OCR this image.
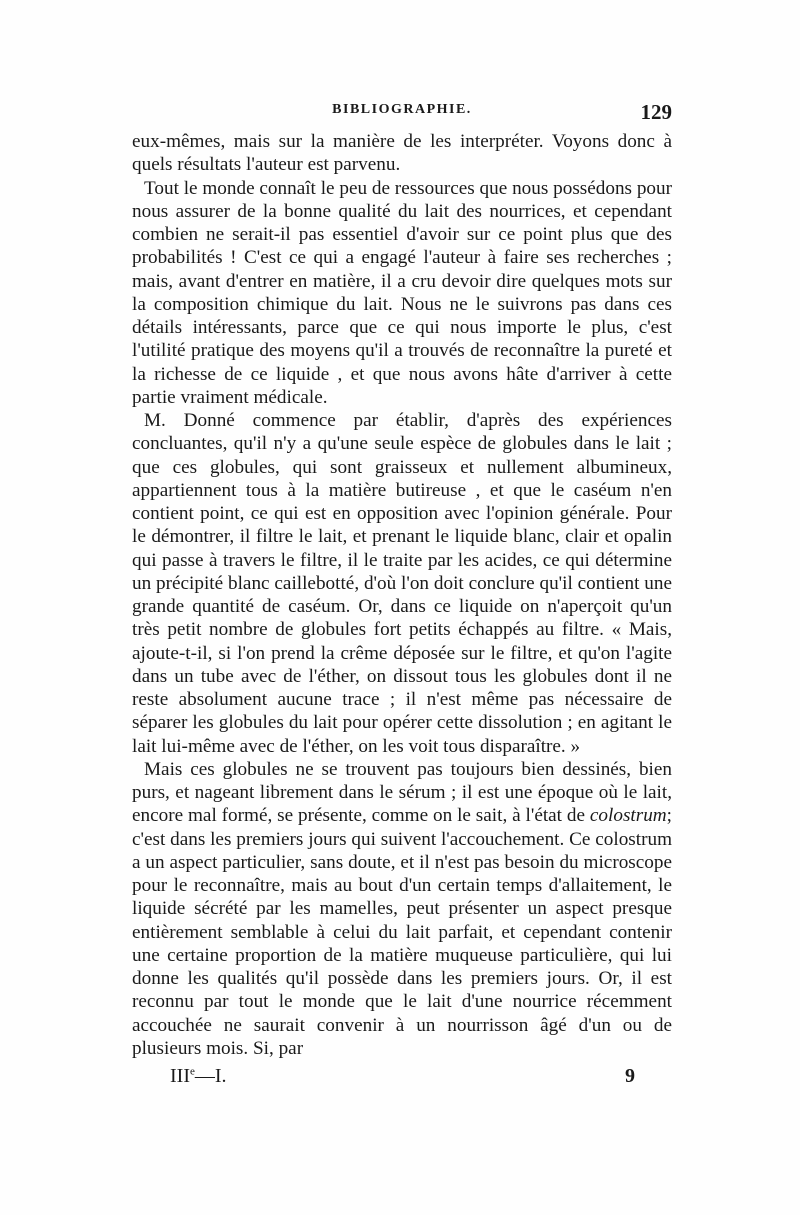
BIBLIOGRAPHIE.	129

eux-mêmes, mais sur la manière de les interpréter. Voyons donc à quels résultats l'auteur est parvenu.

Tout le monde connaît le peu de ressources que nous possédons pour nous assurer de la bonne qualité du lait des nourrices, et cependant combien ne serait-il pas essentiel d'avoir sur ce point plus que des probabilités ! C'est ce qui a engagé l'auteur à faire ses recherches ; mais, avant d'entrer en matière, il a cru devoir dire quelques mots sur la composition chimique du lait. Nous ne le suivrons pas dans ces détails intéressants, parce que ce qui nous importe le plus, c'est l'utilité pratique des moyens qu'il a trouvés de reconnaître la pureté et la richesse de ce liquide , et que nous avons hâte d'arriver à cette partie vraiment médicale.

M. Donné commence par établir, d'après des expériences concluantes, qu'il n'y a qu'une seule espèce de globules dans le lait ; que ces globules, qui sont graisseux et nullement albumineux, appartiennent tous à la matière butireuse , et que le caséum n'en contient point, ce qui est en opposition avec l'opinion générale. Pour le démontrer, il filtre le lait, et prenant le liquide blanc, clair et opalin qui passe à travers le filtre, il le traite par les acides, ce qui détermine un précipité blanc caillebotté, d'où l'on doit conclure qu'il contient une grande quantité de caséum. Or, dans ce liquide on n'aperçoit qu'un très petit nombre de globules fort petits échappés au filtre. « Mais, ajoute-t-il, si l'on prend la crême déposée sur le filtre, et qu'on l'agite dans un tube avec de l'éther, on dissout tous les globules dont il ne reste absolument aucune trace ; il n'est même pas nécessaire de séparer les globules du lait pour opérer cette dissolution ; en agitant le lait lui-même avec de l'éther, on les voit tous disparaître. »

Mais ces globules ne se trouvent pas toujours bien dessinés, bien purs, et nageant librement dans le sérum ; il est une époque où le lait, encore mal formé, se présente, comme on le sait, à l'état de colostrum; c'est dans les premiers jours qui suivent l'accouchement. Ce colostrum a un aspect particulier, sans doute, et il n'est pas besoin du microscope pour le reconnaître, mais au bout d'un certain temps d'allaitement, le liquide sécrété par les mamelles, peut présenter un aspect presque entièrement semblable à celui du lait parfait, et cependant contenir une certaine proportion de la matière muqueuse particulière, qui lui donne les qualités qu'il possède dans les premiers jours. Or, il est reconnu par tout le monde que le lait d'une nourrice récemment accouchée ne saurait convenir à un nourrisson âgé d'un ou de plusieurs mois. Si, par

IIIe—I.	9
